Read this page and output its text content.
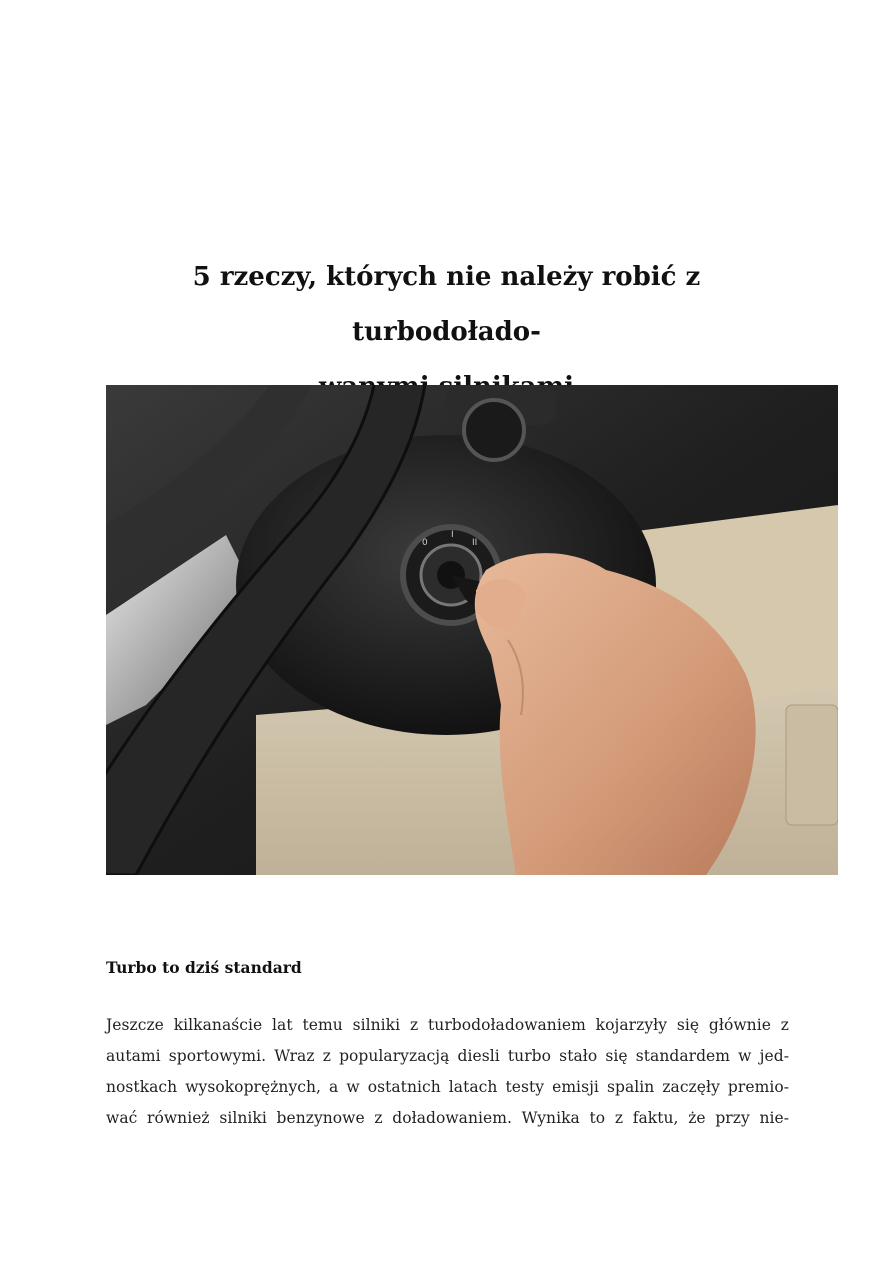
5 rzeczy, których nie należy robić z turbodołado-
0
I
II
Turbo to dziś standard

Jeszcze kilkanaście lat temu silniki z turbodoładowaniem kojarzyły się głównie z
autami sportowymi. Wraz z popularyzacją diesli turbo stało się standardem w jed-
nostkach wysokoprężnych, a w ostatnich latach testy emisji spalin zaczęły premio-
wać również silniki benzynowe z doładowaniem. Wynika to z faktu, że przy nie-
